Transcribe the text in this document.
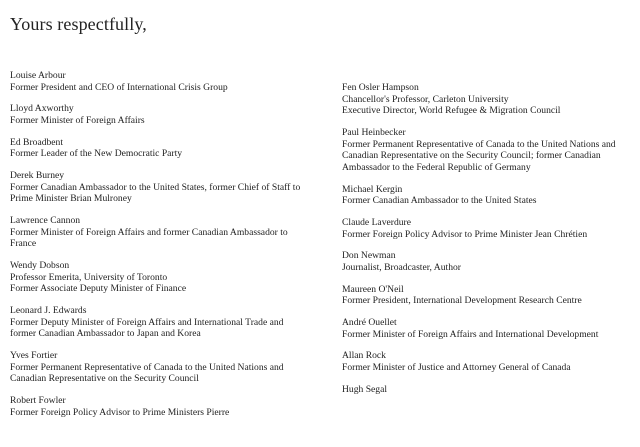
Yours respectfully,
Louise Arbour
Former President and CEO of International Crisis Group
Lloyd Axworthy
Former Minister of Foreign Affairs
Ed Broadbent
Former Leader of the New Democratic Party
Derek Burney
Former Canadian Ambassador to the United States, former Chief of Staff to Prime Minister Brian Mulroney
Lawrence Cannon
Former Minister of Foreign Affairs and former Canadian Ambassador to France
Wendy Dobson
Professor Emerita, University of Toronto
Former Associate Deputy Minister of Finance
Leonard J. Edwards
Former Deputy Minister of Foreign Affairs and International Trade and former Canadian Ambassador to Japan and Korea
Yves Fortier
Former Permanent Representative of Canada to the United Nations and Canadian Representative on the Security Council
Robert Fowler
Former Foreign Policy Advisor to Prime Ministers Pierre
Fen Osler Hampson
Chancellor's Professor, Carleton University
Executive Director, World Refugee & Migration Council
Paul Heinbecker
Former Permanent Representative of Canada to the United Nations and Canadian Representative on the Security Council; former Canadian Ambassador to the Federal Republic of Germany
Michael Kergin
Former Canadian Ambassador to the United States
Claude Laverdure
Former Foreign Policy Advisor to Prime Minister Jean Chrétien
Don Newman
Journalist, Broadcaster, Author
Maureen O'Neil
Former President, International Development Research Centre
André Ouellet
Former Minister of Foreign Affairs and International Development
Allan Rock
Former Minister of Justice and Attorney General of Canada
Hugh Segal
